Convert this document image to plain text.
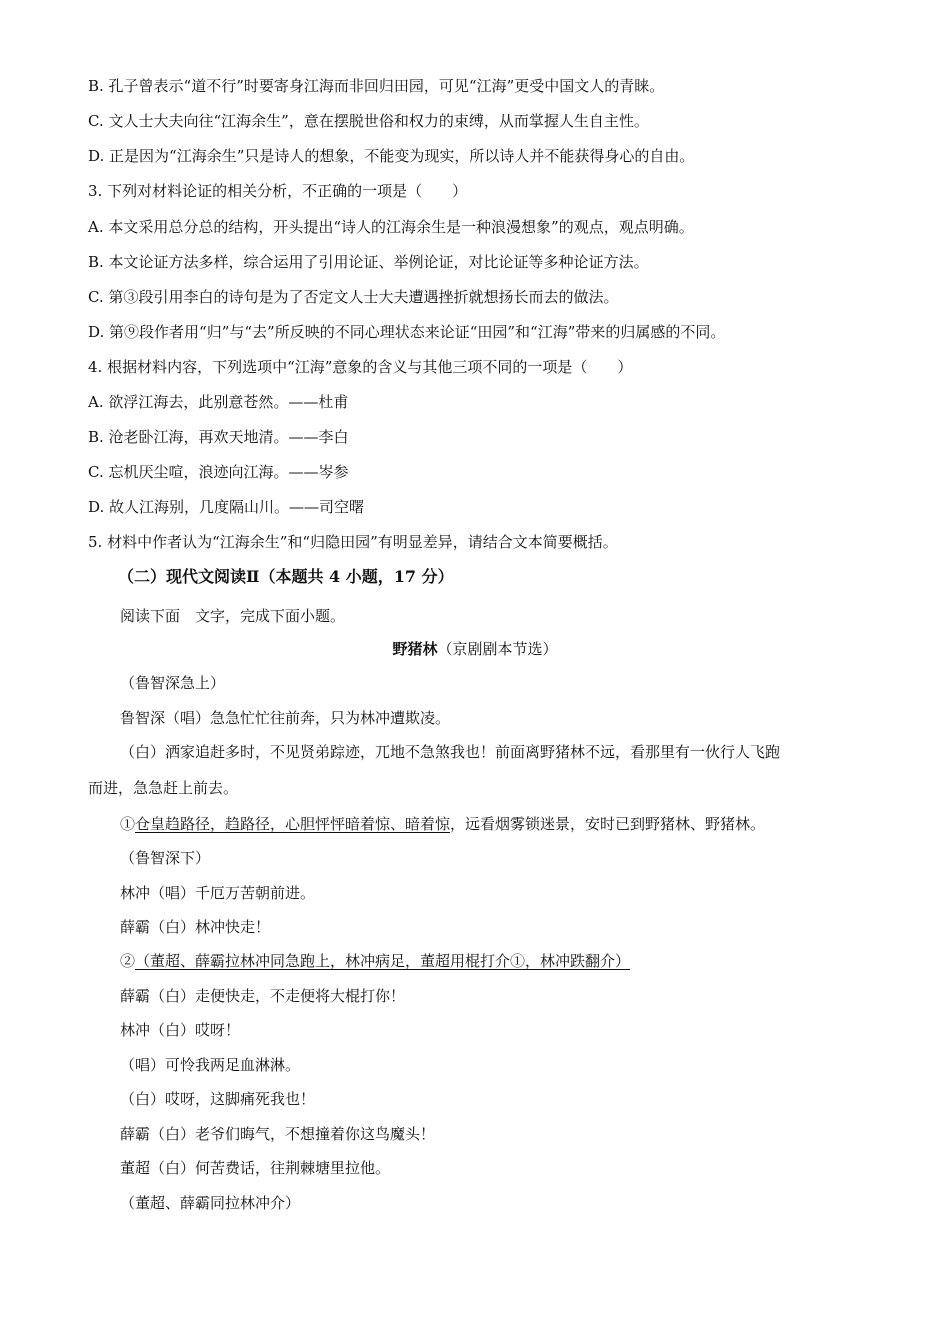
B. 孔子曾表示“道不行”时要寄身江海而非回归田园，可见“江海”更受中国文人的青睐。
C. 文人士大夫向往“江海余生”，意在摆脱世俗和权力的束缚，从而掌握人生自主性。
D. 正是因为“江海余生”只是诗人的想象，不能变为现实，所以诗人并不能获得身心的自由。
3. 下列对材料论证的相关分析，不正确的一项是（　　）
A. 本文采用总分总的结构，开头提出“诗人的江海余生是一种浪漫想象”的观点，观点明确。
B. 本文论证方法多样，综合运用了引用论证、举例论证，对比论证等多种论证方法。
C. 第③段引用李白的诗句是为了否定文人士大夫遭遇挫折就想扬长而去的做法。
D. 第⑨段作者用“归”与“去”所反映的不同心理状态来论证“田园”和“江海”带来的归属感的不同。
4. 根据材料内容，下列选项中“江海”意象的含义与其他三项不同的一项是（　　）
A. 欲浮江海去，此别意苍然。——杜甫
B. 沧老卧江海，再欢天地清。——李白
C. 忘机厌尘喧，浪迹向江海。——岑参
D. 故人江海别，几度隔山川。——司空曙
5. 材料中作者认为“江海余生”和“归隐田园”有明显差异，请结合文本简要概括。
（二）现代文阅读Ⅱ（本题共 4 小题，17 分）
阅读下面　文字，完成下面小题。
野猪林（京剧剧本节选）
（鲁智深急上）
鲁智深（唱）急急忙忙往前奔，只为林冲遭欺凌。
（白）洒家追赶多时，不见贤弟踪迹，兀地不急煞我也！前面离野猪林不远，看那里有一伙行人飞跑
而进，急急赶上前去。
①仓皇趋路径，趋路径，心胆怦怦暗着惊、暗着惊，远看烟雾锁迷景，安时已到野猪林、野猪林。
（鲁智深下）
林冲（唱）千厄万苦朝前进。
薛霸（白）林冲快走！
②（董超、薛霸拉林冲同急跑上，林冲病足，董超用棍打介①，林冲跌翻介）
薛霸（白）走便快走，不走便将大棍打你！
林冲（白）哎呀！
（唱）可怜我两足血淋淋。
（白）哎呀，这脚痛死我也！
薛霸（白）老爷们晦气，不想撞着你这鸟魔头！
董超（白）何苦费话，往荆棘塘里拉他。
（董超、薛霸同拉林冲介）
